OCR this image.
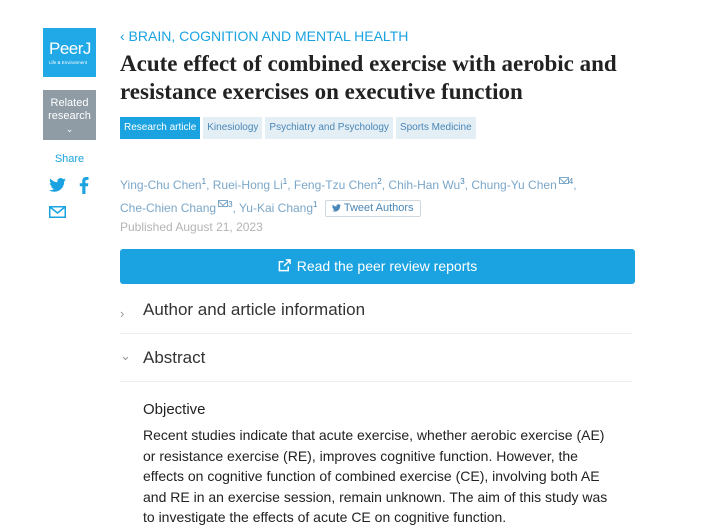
PeerJ
Life & Environment
Related
research
⌄
Share
‹ BRAIN, COGNITION AND MENTAL HEALTH
Acute effect of combined exercise with aerobic and resistance exercises on executive function
Research article	Kinesiology	Psychiatry and Psychology	Sports Medicine
Ying-Chu Chen$^1$, Ruei-Hong Li$^1$, Feng-Tzu Chen$^2$, Chih-Han Wu$^3$, Chung-Yu Chen $^4$, Che-Chien Chang $^3$, Yu-Kai Chang$^1$ Tweet Authors
Published August 21, 2023
Read the peer review reports
› Author and article information
⌄ Abstract
Objective

Recent studies indicate that acute exercise, whether aerobic exercise (AE) or resistance exercise (RE), improves cognitive function. However, the effects on cognitive function of combined exercise (CE), involving both AE and RE in an exercise session, remain unknown. The aim of this study was to investigate the effects of acute CE on cognitive function.
